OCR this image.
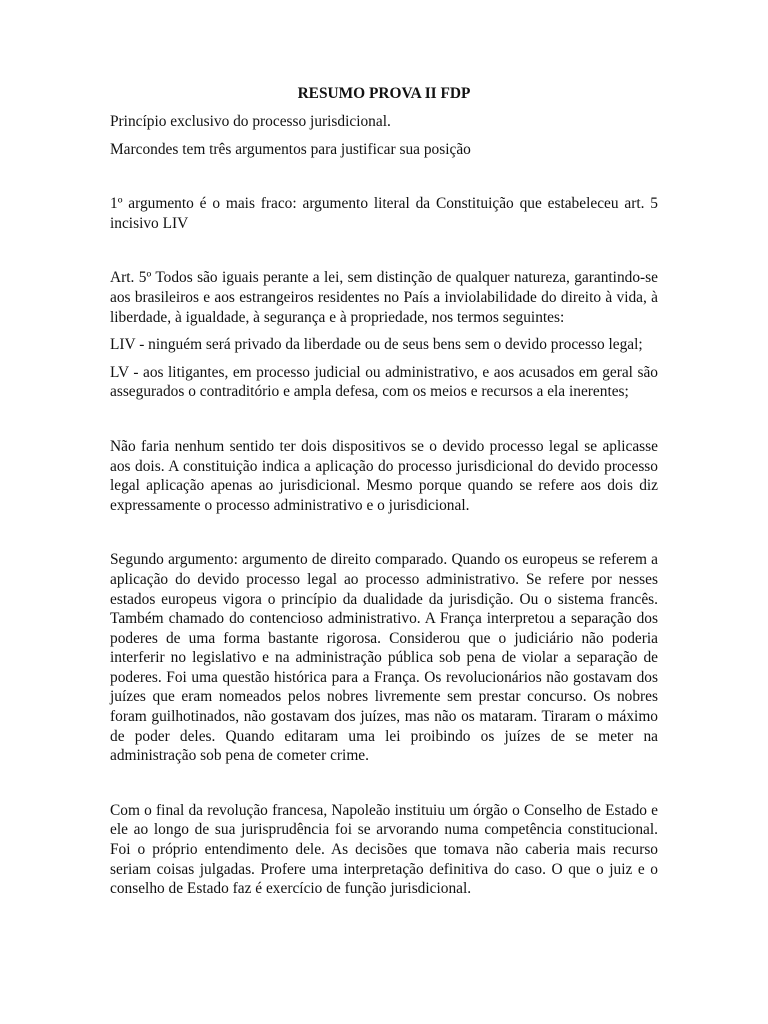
RESUMO PROVA II FDP

Princípio exclusivo do processo jurisdicional.

Marcondes tem três argumentos para justificar sua posição

1º argumento é o mais fraco: argumento literal da Constituição que estabeleceu art. 5 incisivo LIV

Art. 5º Todos são iguais perante a lei, sem distinção de qualquer natureza, garantindo-se aos brasileiros e aos estrangeiros residentes no País a inviolabilidade do direito à vida, à liberdade, à igualdade, à segurança e à propriedade, nos termos seguintes:

LIV - ninguém será privado da liberdade ou de seus bens sem o devido processo legal;

LV - aos litigantes, em processo judicial ou administrativo, e aos acusados em geral são assegurados o contraditório e ampla defesa, com os meios e recursos a ela inerentes;

Não faria nenhum sentido ter dois dispositivos se o devido processo legal se aplicasse aos dois. A constituição indica a aplicação do processo jurisdicional do devido processo legal aplicação apenas ao jurisdicional. Mesmo porque quando se refere aos dois diz expressamente o processo administrativo e o jurisdicional.

Segundo argumento: argumento de direito comparado. Quando os europeus se referem a aplicação do devido processo legal ao processo administrativo. Se refere por nesses estados europeus vigora o princípio da dualidade da jurisdição. Ou o sistema francês. Também chamado do contencioso administrativo. A França interpretou a separação dos poderes de uma forma bastante rigorosa. Considerou que o judiciário não poderia interferir no legislativo e na administração pública sob pena de violar a separação de poderes. Foi uma questão histórica para a França. Os revolucionários não gostavam dos juízes que eram nomeados pelos nobres livremente sem prestar concurso. Os nobres foram guilhotinados, não gostavam dos juízes, mas não os mataram. Tiraram o máximo de poder deles. Quando editaram uma lei proibindo os juízes de se meter na administração sob pena de cometer crime.

Com o final da revolução francesa, Napoleão instituiu um órgão o Conselho de Estado e ele ao longo de sua jurisprudência foi se arvorando numa competência constitucional. Foi o próprio entendimento dele. As decisões que tomava não caberia mais recurso seriam coisas julgadas. Profere uma interpretação definitiva do caso. O que o juiz e o conselho de Estado faz é exercício de função jurisdicional.
